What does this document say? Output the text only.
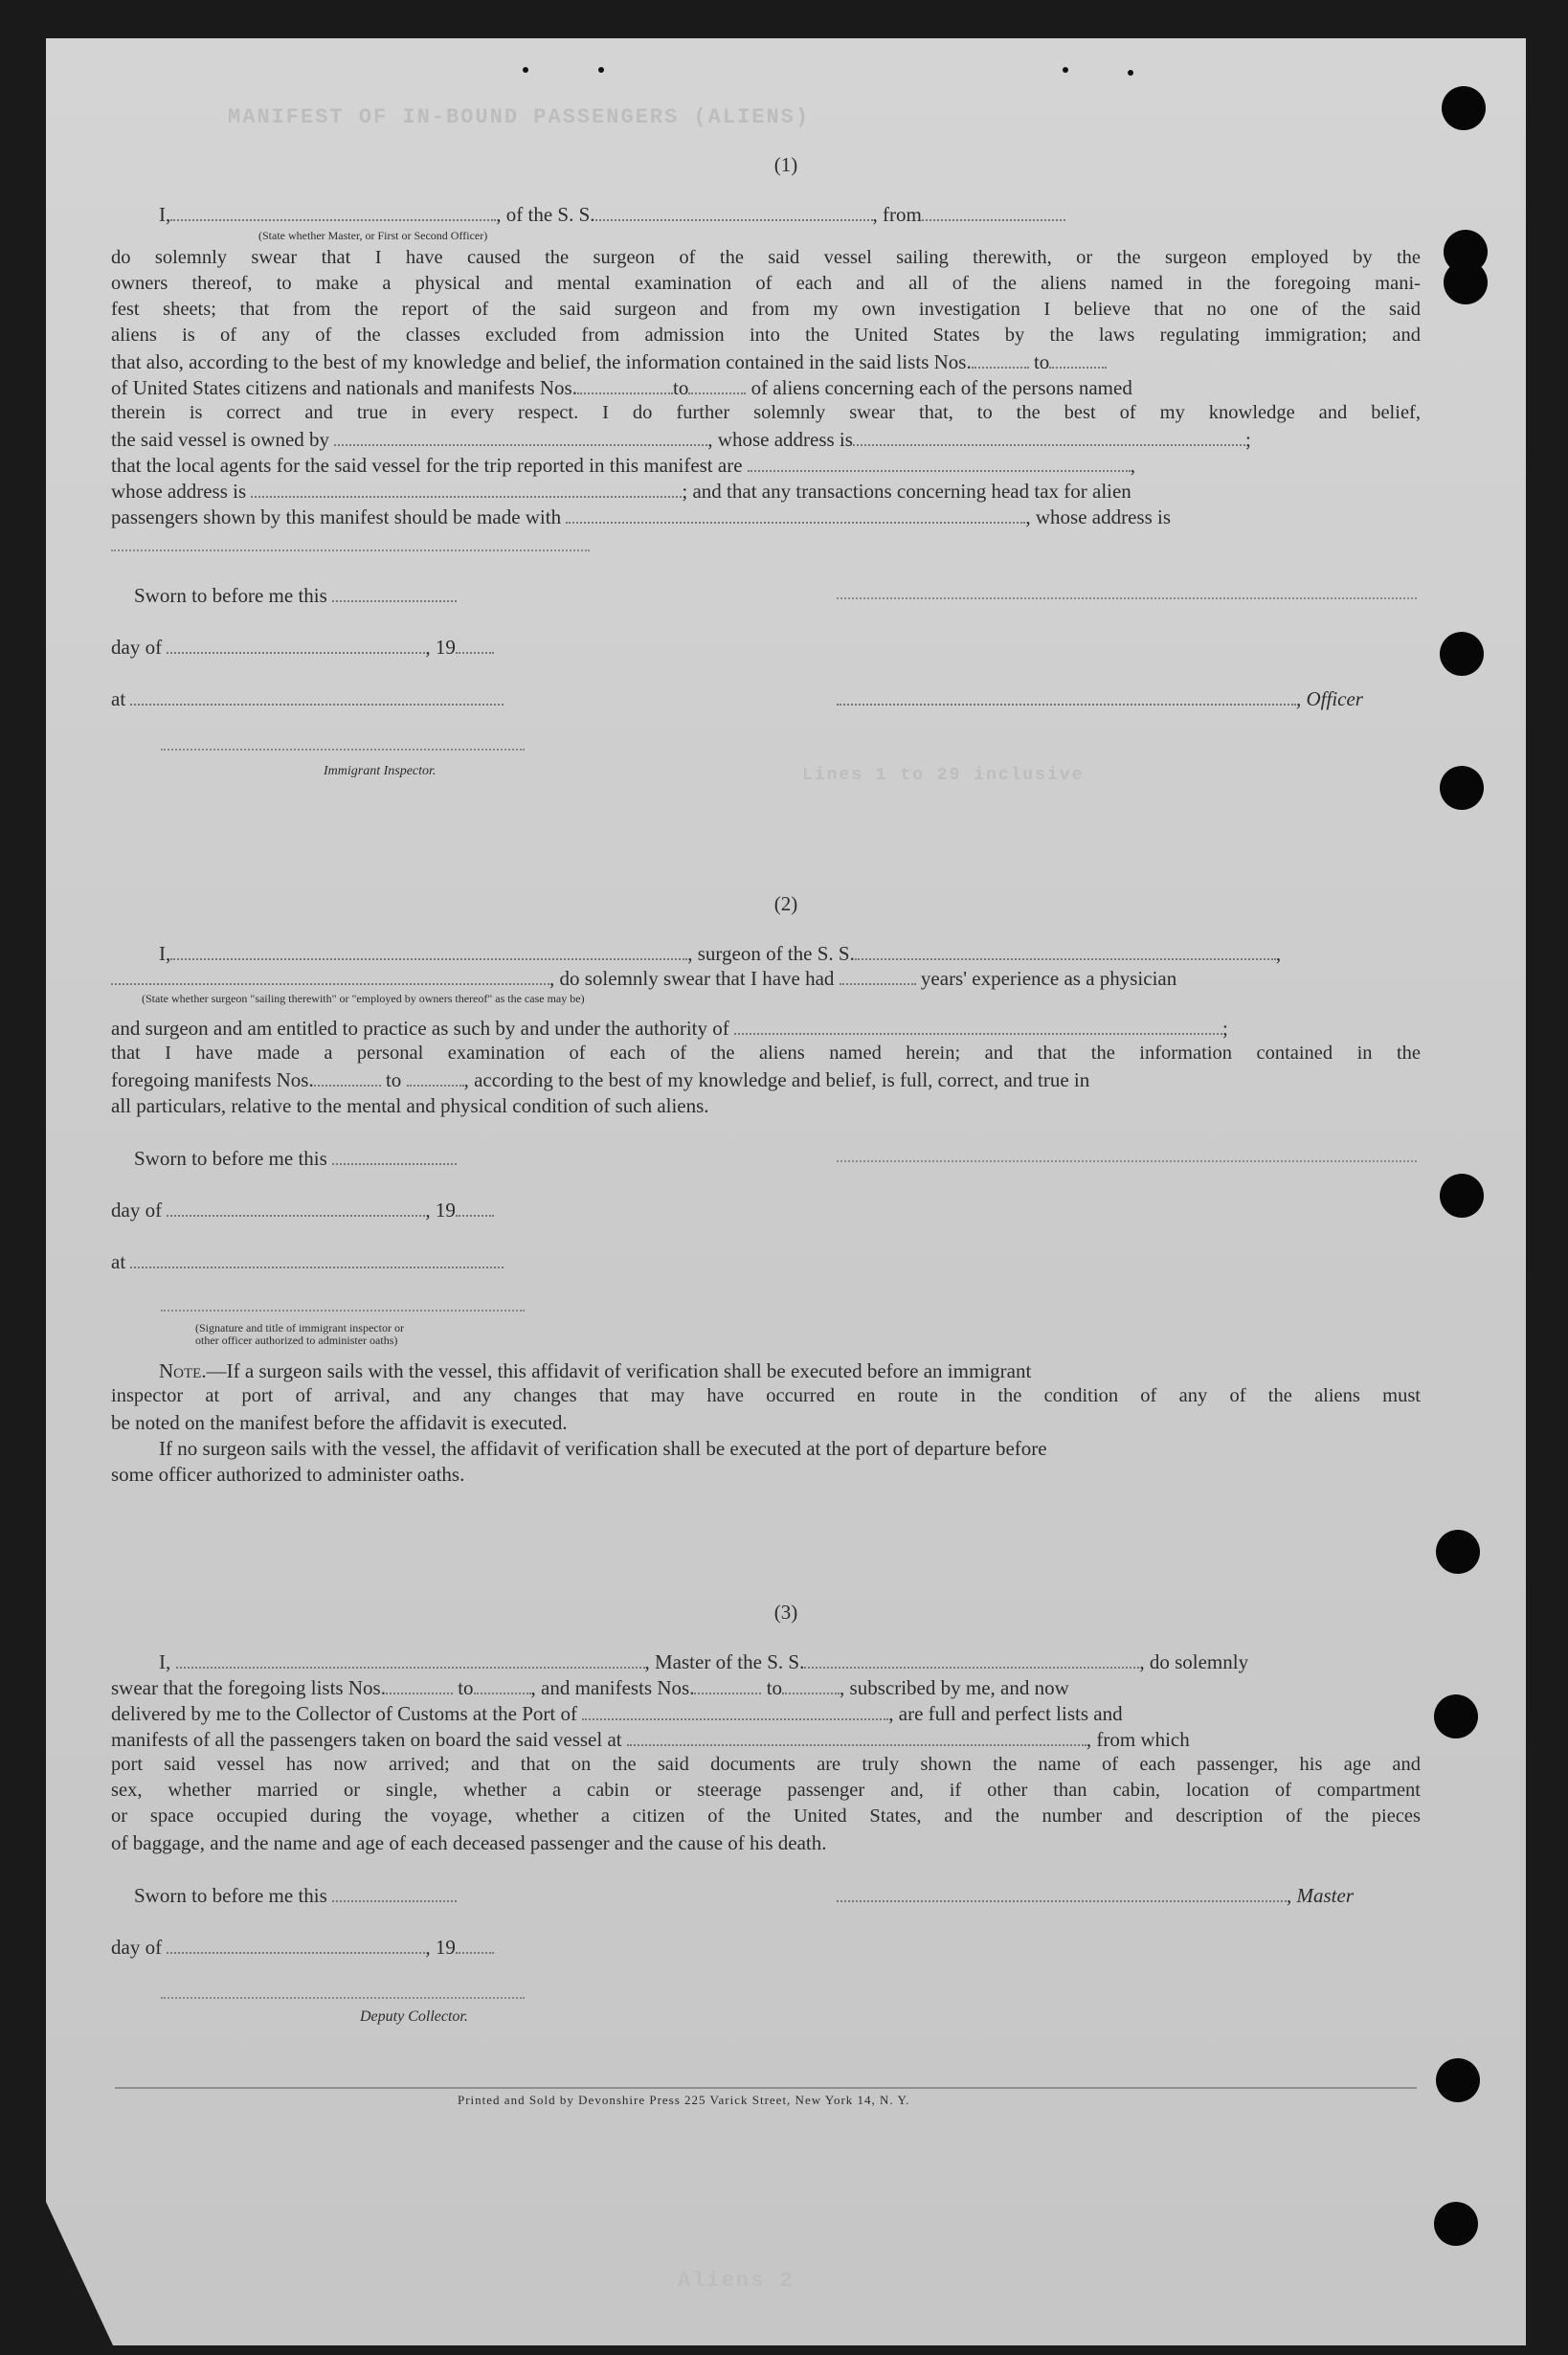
MANIFEST OF IN-BOUND PASSENGERS (ALIENS)
Lines 1 to 29 inclusive
Aliens 2
(1)
I,	, of the S. S.	, from
(State whether Master, or First or Second Officer)
do solemnly swear that I have caused the surgeon of the said vessel sailing therewith, or the surgeon employed by the
owners thereof, to make a physical and mental examination of each and all of the aliens named in the foregoing mani-
fest sheets; that from the report of the said surgeon and from my own investigation I believe that no one of the said
aliens is of any of the classes excluded from admission into the United States by the laws regulating immigration; and
that also, according to the best of my knowledge and belief, the information contained in the said lists Nos.	to
of United States citizens and nationals and manifests Nos.	to	of aliens concerning each of the persons named
therein is correct and true in every respect. I do further solemnly swear that, to the best of my knowledge and belief,
the said vessel is owned by	, whose address is	;
that the local agents for the said vessel for the trip reported in this manifest are	,
whose address is	; and that any transactions concerning head tax for alien
passengers shown by this manifest should be made with	, whose address is
Sworn to before me this
day of	, 19
at	, Officer
Immigrant Inspector.
(2)
I,	, surgeon of the S. S.	,
, do solemnly swear that I have had	years' experience as a physician
(State whether surgeon "sailing therewith" or "employed by owners thereof" as the case may be)
and surgeon and am entitled to practice as such by and under the authority of	;
that I have made a personal examination of each of the aliens named herein; and that the information contained in the
foregoing manifests Nos.	to	, according to the best of my knowledge and belief, is full, correct, and true in
all particulars, relative to the mental and physical condition of such aliens.
Sworn to before me this
day of	, 19
at
(Signature and title of immigrant inspector or
other officer authorized to administer oaths)
Note.—If a surgeon sails with the vessel, this affidavit of verification shall be executed before an immigrant
inspector at port of arrival, and any changes that may have occurred en route in the condition of any of the aliens must
be noted on the manifest before the affidavit is executed.
If no surgeon sails with the vessel, the affidavit of verification shall be executed at the port of departure before
some officer authorized to administer oaths.
(3)
I,	, Master of the S. S.	, do solemnly
swear that the foregoing lists Nos.	to	, and manifests Nos.	to	, subscribed by me, and now
delivered by me to the Collector of Customs at the Port of	, are full and perfect lists and
manifests of all the passengers taken on board the said vessel at	, from which
port said vessel has now arrived; and that on the said documents are truly shown the name of each passenger, his age and
sex, whether married or single, whether a cabin or steerage passenger and, if other than cabin, location of compartment
or space occupied during the voyage, whether a citizen of the United States, and the number and description of the pieces
of baggage, and the name and age of each deceased passenger and the cause of his death.
Sworn to before me this	, Master
day of	, 19
Deputy Collector.
Printed and Sold by Devonshire Press 225 Varick Street, New York 14, N. Y.
